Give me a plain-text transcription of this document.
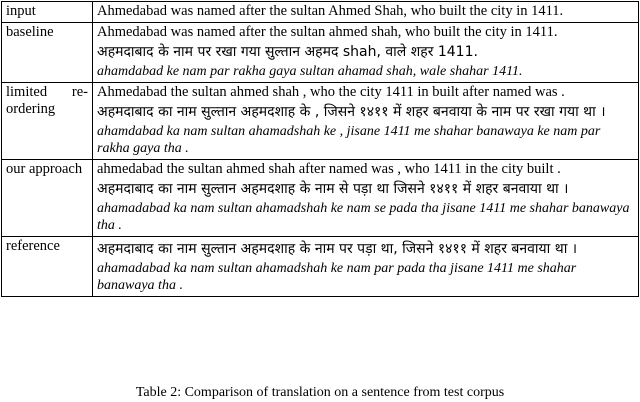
input	Ahmedabad was named after the sultan Ahmed Shah, who built the city in 1411.

baseline	Ahmedabad was named after the sultan ahmed shah, who built the city in 1411.
अहमदाबाद के नाम पर रखा गया सुल्तान अहमद shah, वाले शहर 1411.
ahamdabad ke nam par rakha gaya sultan ahamad shah, wale shahar 1411.

limited re-ordering	Ahmedabad the sultan ahmed shah , who the city 1411 in built after named was .
अहमदाबाद का नाम सुल्तान अहमदशाह के , जिसने १४११ में शहर बनवाया के नाम पर रखा गया था ।
ahamdabad ka nam sultan ahamadshah ke , jisane 1411 me shahar banawaya ke nam par rakha gaya tha .

our approach	ahmedabad the sultan ahmed shah after named was , who 1411 in the city built .
अहमदाबाद का नाम सुल्तान अहमदशाह के नाम से पड़ा था जिसने १४११ में शहर बनवाया था ।
ahamadabad ka nam sultan ahamadshah ke nam se pada tha jisane 1411 me shahar banawaya tha .

reference	अहमदाबाद का नाम सुल्तान अहमदशाह के नाम पर पड़ा था, जिसने १४११ में शहर बनवाया था ।
ahamadabad ka nam sultan ahamadshah ke nam par pada tha jisane 1411 me shahar banawaya tha .
Table 2: Comparison of translation on a sentence from test corpus
